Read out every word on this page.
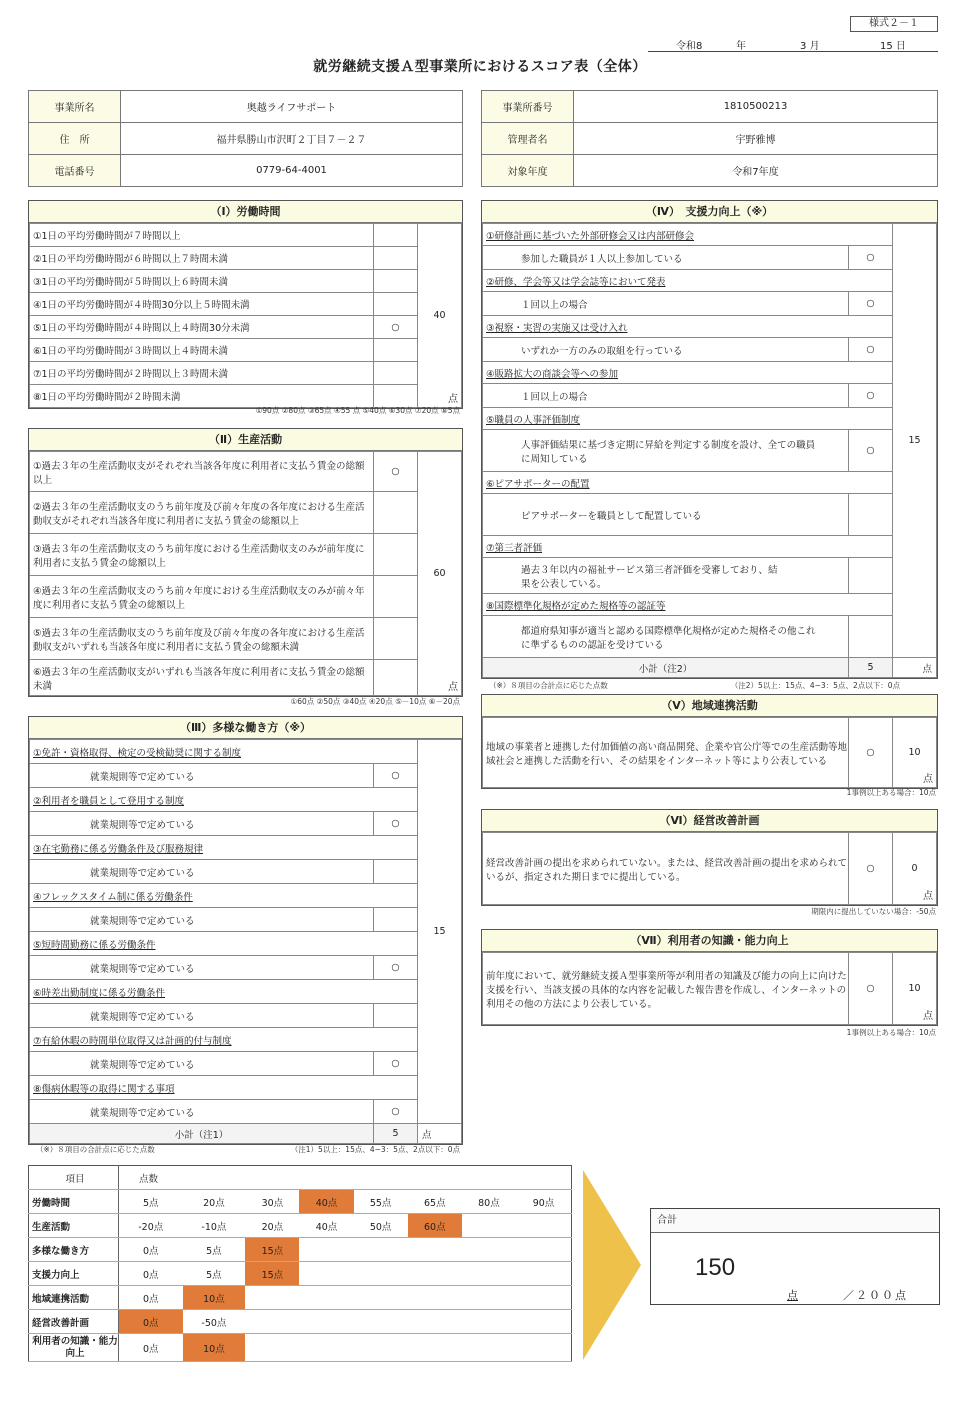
様式２－１
令和8	年	3 月	15 日
就労継続支援Ａ型事業所におけるスコア表（全体）
事業所名	奥越ライフサポート
住　所	福井県勝山市沢町２丁目７－２７
電話番号	0779-64-4001
事業所番号	1810500213
管理者名	宇野雅博
対象年度	令和7年度
（Ⅰ）労働時間
①1日の平均労働時間が７時間以上		40
点

②1日の平均労働時間が６時間以上７時間未満		
③1日の平均労働時間が５時間以上６時間未満		
④1日の平均労働時間が４時間30分以上５時間未満		
⑤1日の平均労働時間が４時間以上４時間30分未満	○	
⑥1日の平均労働時間が３時間以上４時間未満		
⑦1日の平均労働時間が２時間以上３時間未満		
⑧1日の平均労働時間が２時間未満		
①90点 ②80点 ③65点 ④55 点 ⑤40点 ⑥30点 ⑦20点 ⑧5点
（Ⅱ）生産活動
①過去３年の生産活動収支がそれぞれ当該各年度に利用者に支払う賃金の総額以上	○	60
点

②過去３年の生産活動収支のうち前年度及び前々年度の各年度における生産活動収支がそれぞれ当該各年度に利用者に支払う賃金の総額以上		
③過去３年の生産活動収支のうち前年度における生産活動収支のみが前年度に利用者に支払う賃金の総額以上		
④過去３年の生産活動収支のうち前々年度における生産活動収支のみが前々年度に利用者に支払う賃金の総額以上		
⑤過去３年の生産活動収支のうち前年度及び前々年度の各年度における生産活動収支がいずれも当該各年度に利用者に支払う賃金の総額未満		
⑥過去３年の生産活動収支がいずれも当該各年度に利用者に支払う賃金の総額未満		
①60点 ②50点 ③40点 ④20点 ⑤－10点 ⑥－20点
（Ⅲ）多様な働き方（※）
①免許・資格取得、検定の受検勧奨に関する制度		15
就業規則等で定めている	○	
②利用者を職員として登用する制度		
就業規則等で定めている	○	
③在宅勤務に係る労働条件及び服務規律		
就業規則等で定めている		
④フレックスタイム制に係る労働条件		
就業規則等で定めている		
⑤短時間勤務に係る労働条件		
就業規則等で定めている	○	
⑥時差出勤制度に係る労働条件		
就業規則等で定めている		
⑦有給休暇の時間単位取得又は計画的付与制度		
就業規則等で定めている	○	
⑧傷病休暇等の取得に関する事項		
就業規則等で定めている	○	
小計（注1）	5	点
（※）８項目の合計点に応じた点数	（注1）5以上：15点、4~3：5点、2点以下：0点
（Ⅳ）　支援力向上（※）
①研修計画に基づいた外部研修会又は内部研修会		15
参加した職員が１人以上参加している	○	
②研修、学会等又は学会誌等において発表		
１回以上の場合	○	
③視察・実習の実施又は受け入れ		
いずれか一方のみの取組を行っている	○	
④販路拡大の商談会等への参加		
１回以上の場合	○	
⑤職員の人事評価制度		
人事評価結果に基づき定期に昇給を判定する制度を設け、全ての職員に周知している	○	
⑥ピアサポーターの配置		
ピアサポーターを職員として配置している		
⑦第三者評価		
過去３年以内の福祉サービス第三者評価を受審しており、結果を公表している。		
⑧国際標準化規格が定めた規格等の認証等		
都道府県知事が適当と認める国際標準化規格が定めた規格その他これに準ずるものの認証を受けている		
小計（注2）	5	点
（※）８項目の合計点に応じた点数	（注2）5以上：15点、4~3：5点、2点以下：0点
（Ⅴ）地域連携活動
地域の事業者と連携した付加価値の高い商品開発、企業や官公庁等での生産活動等地域社会と連携した活動を行い、その結果をインターネット等により公表している	○	10
点
1事例以上ある場合：10点
（Ⅵ）経営改善計画
経営改善計画の提出を求められていない。または、経営改善計画の提出を求められているが、指定された期日までに提出している。	○	0
点
期限内に提出していない場合：-50点
（Ⅶ）利用者の知識・能力向上
前年度において、就労継続支援Ａ型事業所等が利用者の知識及び能力の向上に向けた支援を行い、当該支援の具体的な内容を記載した報告書を作成し、インターネットの利用その他の方法により公表している。	○	10
点
1事例以上ある場合：10点
項目	点数							
労働時間	5点	20点	30点	40点	55点	65点	80点	90点
生産活動	-20点	-10点	20点	40点	50点	60点		
多様な働き方	0点	5点	15点					
支援力向上	0点	5点	15点					
地域連携活動	0点	10点						
経営改善計画	0点	-50点						
利用者の知識・能力向上	0点	10点						
合計
150
点	／２００点
